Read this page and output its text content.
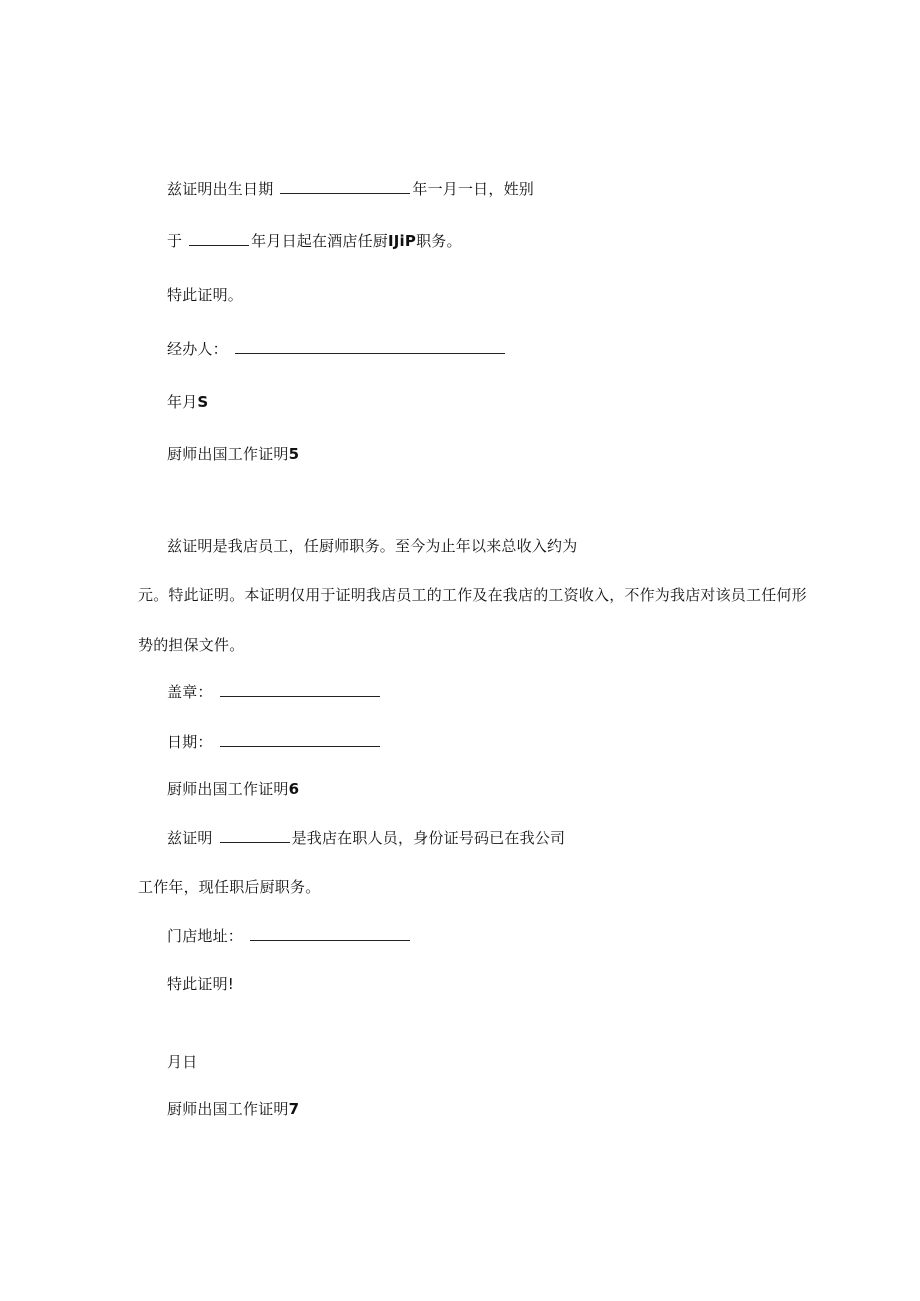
兹证明出生日期	年一月一日，姓别
于	年月日起在酒店任厨IJiP职务。
特此证明。
经办人：
年月S
厨师出国工作证明5
兹证明是我店员工，任厨师职务。至今为止年以来总收入约为
元。特此证明。本证明仅用于证明我店员工的工作及在我店的工资收入，不作为我店对该员工任何形
势的担保文件。
盖章：
日期：
厨师出国工作证明6
兹证明	是我店在职人员，身份证号码已在我公司
工作年，现任职后厨职务。
门店地址：
特此证明!
月日
厨师出国工作证明7
